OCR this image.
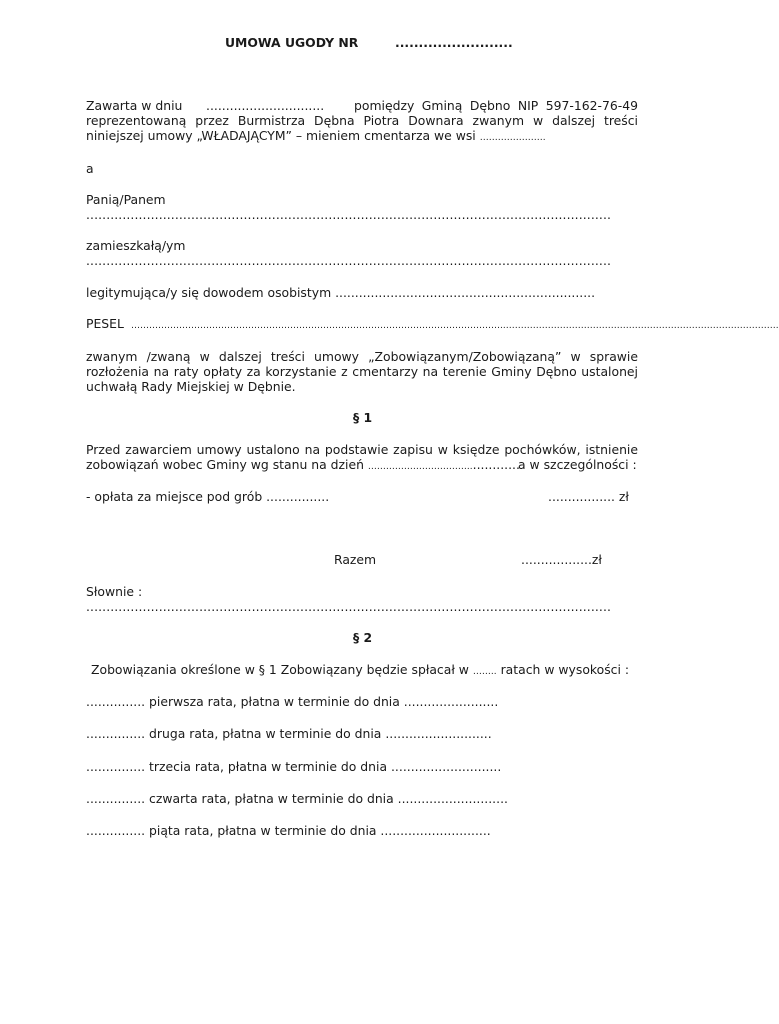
UMOWA UGODY NR	.........................
Zawarta w dniu .............................. pomiędzy Gminą Dębno NIP 597-162-76-49
reprezentowaną przez Burmistrza Dębna Piotra Downara zwanym w dalszej treści
niniejszej umowy „WŁADAJĄCYM” – mieniem cmentarza we wsi ………………….
a
Panią/Panem
..................................................................................................................................
zamieszkałą/ym
..................................................................................................................................
legitymująca/y się dowodem osobistym ..................................................................
PESEL ……………………………………………………………………………………………………………..……………………………………………………………………………….
zwanym /zwaną w dalszej treści umowy „Zobowiązanym/Zobowiązaną” w sprawie
rozłożenia na raty opłaty za korzystanie z cmentarzy na terenie Gminy Dębno ustalonej
uchwałą Rady Miejskiej w Dębnie.
§ 1
Przed zawarciem umowy ustalono na podstawie zapisu w księdze pochówków, istnienie
zobowiązań wobec Gminy wg stanu na dzień ……………………………..............
a w szczególności :
- opłata za miejsce pod grób ................	................. zł
Razem	..................zł
Słownie :
..................................................................................................................................
§ 2
Zobowiązania określone w § 1 Zobowiązany będzie spłacał w …….. ratach w wysokości :
............... pierwsza rata, płatna w terminie do dnia ........................
............... druga rata, płatna w terminie do dnia ...........................
............... trzecia rata, płatna w terminie do dnia ............................
............... czwarta rata, płatna w terminie do dnia ............................
............... piąta rata, płatna w terminie do dnia ............................
